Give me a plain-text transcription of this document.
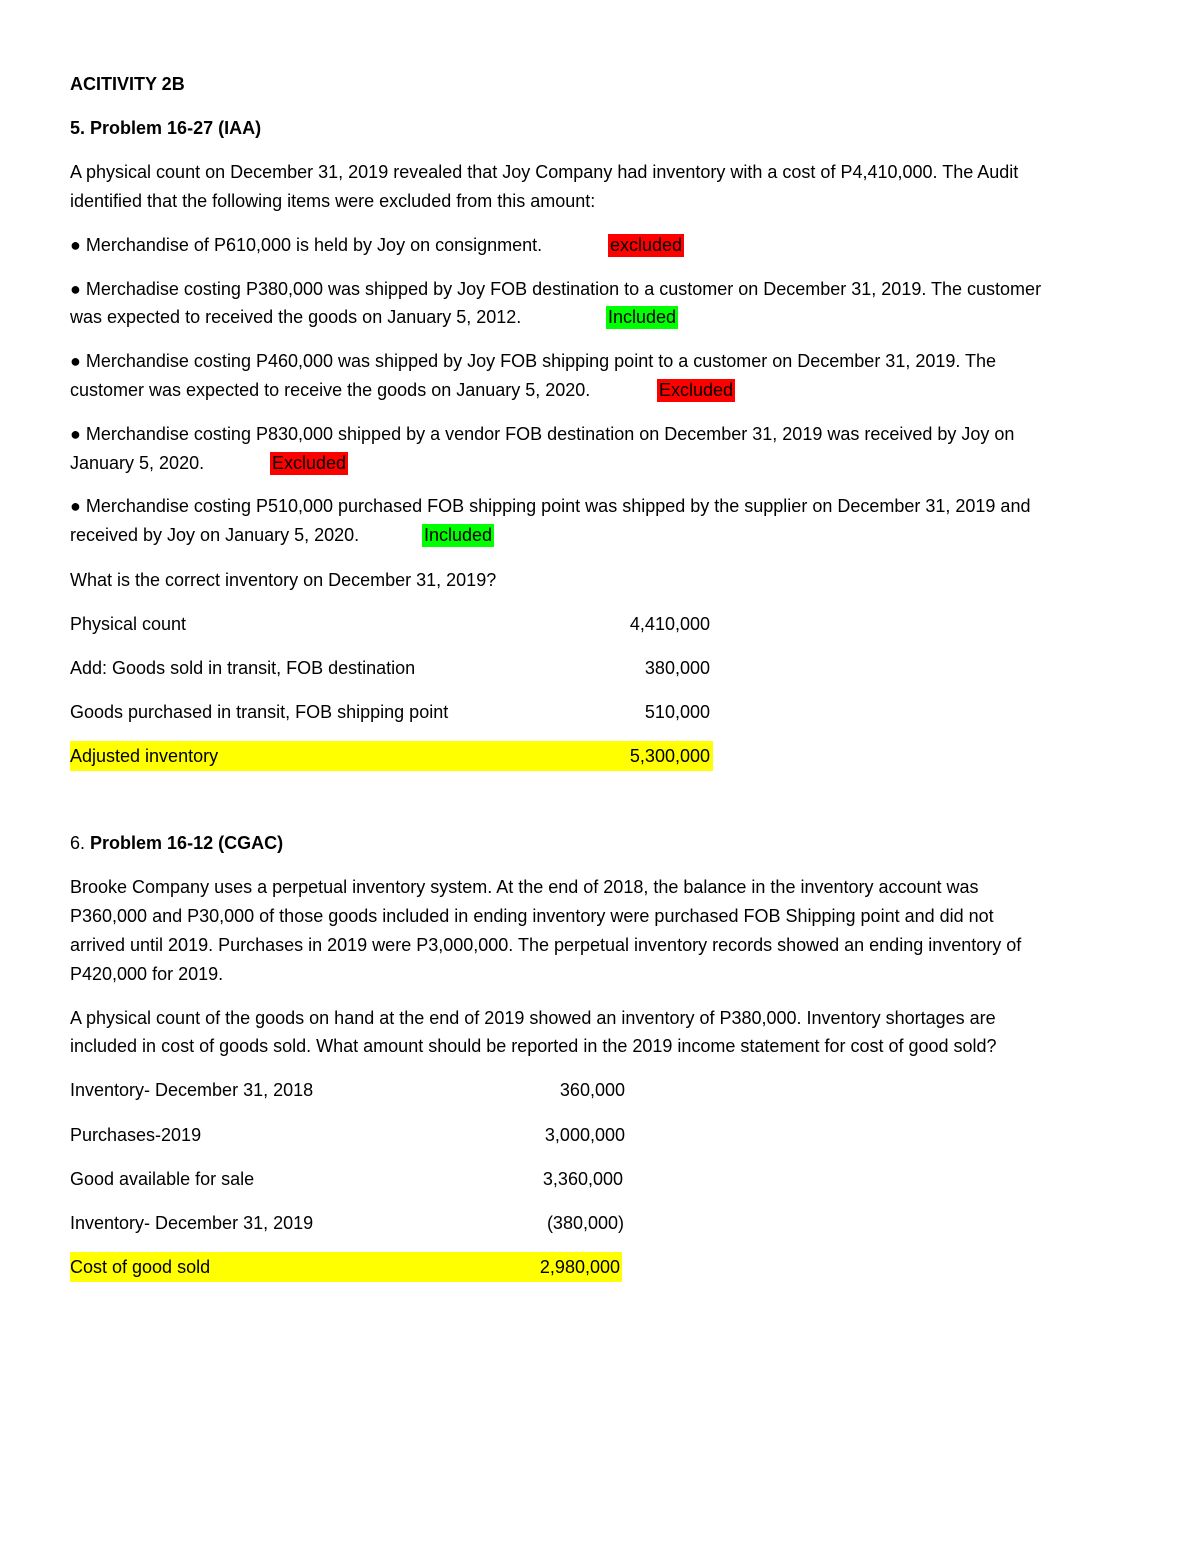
ACITIVITY 2B
5. Problem 16-27 (IAA)
A physical count on December 31, 2019 revealed that Joy Company had inventory with a cost of P4,410,000. The Audit
identified that the following items were excluded from this amount:
● Merchandise of P610,000 is held by Joy on consignment.	excluded
● Merchadise costing P380,000 was shipped by Joy FOB destination to a customer on December 31, 2019. The customer
was expected to received the goods on January 5, 2012.	Included
● Merchandise costing P460,000 was shipped by Joy FOB shipping point to a customer on December 31, 2019. The
customer was expected to receive the goods on January 5, 2020.	Excluded
● Merchandise costing P830,000 shipped by a vendor FOB destination on December 31, 2019 was received by Joy on
January 5, 2020.	Excluded
● Merchandise costing P510,000 purchased FOB shipping point was shipped by the supplier on December 31, 2019 and
received by Joy on January 5, 2020.	Included
What is the correct inventory on December 31, 2019?
Physical count	4,410,000
Add: Goods sold in transit, FOB destination	380,000
Goods purchased in transit, FOB shipping point	510,000
Adjusted inventory	5,300,000
6. Problem 16-12 (CGAC)
Brooke Company uses a perpetual inventory system. At the end of 2018, the balance in the inventory account was
P360,000 and P30,000 of those goods included in ending inventory were purchased FOB Shipping point and did not
arrived until 2019. Purchases in 2019 were P3,000,000. The perpetual inventory records showed an ending inventory of
P420,000 for 2019.
A physical count of the goods on hand at the end of 2019 showed an inventory of P380,000. Inventory shortages are
included in cost of goods sold. What amount should be reported in the 2019 income statement for cost of good sold?
Inventory- December 31, 2018	360,000
Purchases-2019	3,000,000
Good available for sale	3,360,000
Inventory- December 31, 2019	(380,000)
Cost of good sold	2,980,000
